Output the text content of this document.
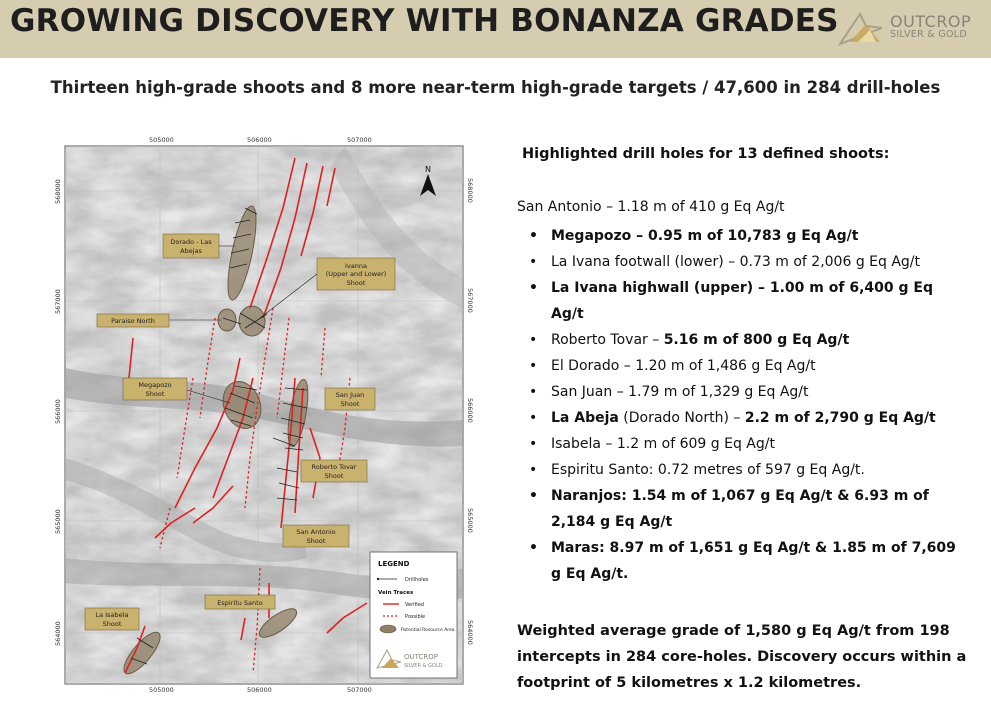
GROWING DISCOVERY WITH BONANZA GRADES	OUTCROP
SILVER & GOLD
Thirteen high-grade shoots and 8 more near-term high-grade targets / 47,600 in 284 drill-holes
505000	506000	507000
505000	506000	507000
568000
567000
566000
565000
564000
568000
567000
566000
565000
564000
N
Dorado - Las
Abejas
Ivanna
(Upper and Lower)
Shoot
Paraiso North
Megapozo
Shoot	San Juan
Shoot
Roberto Tovar
Shoot
San Antonio
Shoot
Espiritu Santo
La Isabela
Shoot
LEGEND
Drillholes
Vein Traces
Verified
Possible
Potential Resource Area
OUTCROP
SILVER & GOLD
Highlighted drill holes for 13 defined shoots:
San Antonio – 1.18 m of 410 g Eq Ag/t
• Megapozo – 0.95 m of 10,783 g Eq Ag/t
• La Ivana footwall (lower) – 0.73 m of 2,006 g Eq Ag/t
• La Ivana highwall (upper) – 1.00 m of 6,400 g Eq Ag/t
• Roberto Tovar – 5.16 m of 800 g Eq Ag/t
• El Dorado – 1.20 m of 1,486 g Eq Ag/t
• San Juan – 1.79 m of 1,329 g Eq Ag/t
• La Abeja (Dorado North) – 2.2 m of 2,790 g Eq Ag/t
• Isabela – 1.2 m of 609 g Eq Ag/t
• Espiritu Santo: 0.72 metres of 597 g Eq Ag/t.
• Naranjos: 1.54 m of 1,067 g Eq Ag/t & 6.93 m of 2,184 g Eq Ag/t
• Maras: 8.97 m of 1,651 g Eq Ag/t & 1.85 m of 7,609 g Eq Ag/t.
Weighted average grade of 1,580 g Eq Ag/t from 198 intercepts in 284 core-holes. Discovery occurs within a footprint of 5 kilometres x 1.2 kilometres.
